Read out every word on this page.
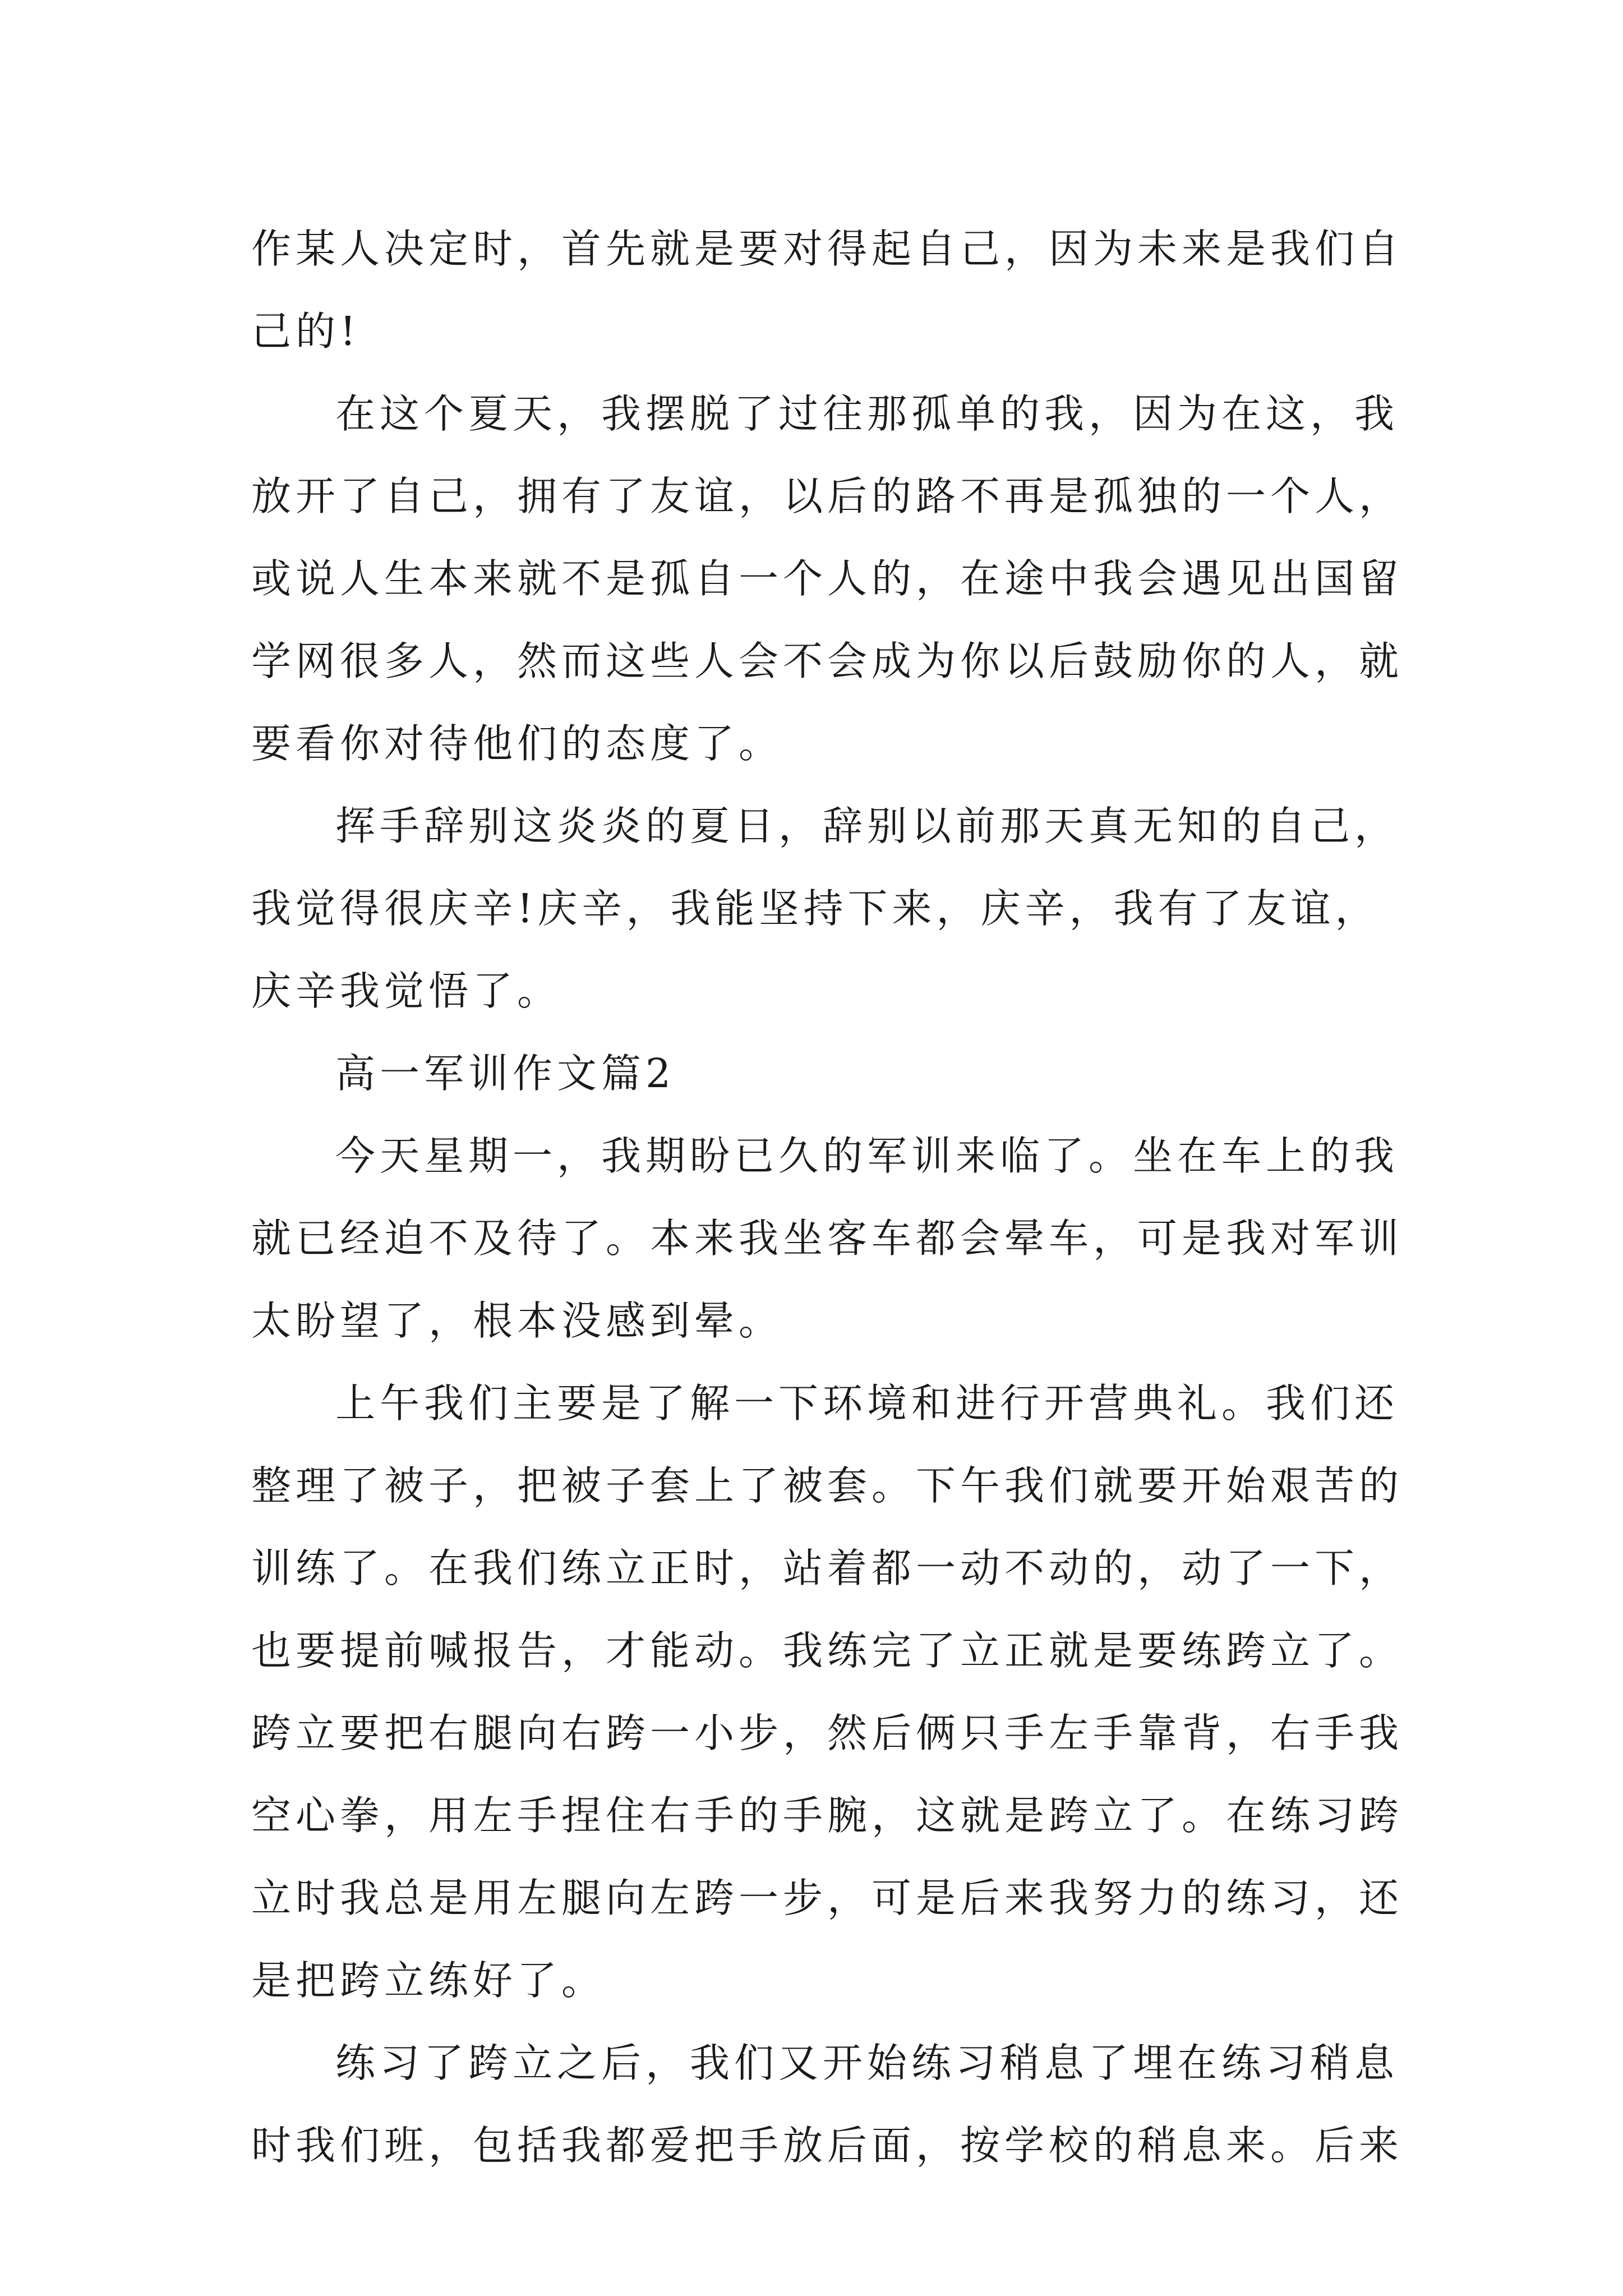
作某人决定时，首先就是要对得起自己，因为未来是我们自

己的!

在这个夏天，我摆脱了过往那孤单的我，因为在这，我

放开了自己，拥有了友谊，以后的路不再是孤独的一个人，

或说人生本来就不是孤自一个人的，在途中我会遇见出国留

学网很多人，然而这些人会不会成为你以后鼓励你的人，就

要看你对待他们的态度了。

挥手辞别这炎炎的夏日，辞别以前那天真无知的自己，

我觉得很庆辛!庆辛，我能坚持下来，庆辛，我有了友谊，

庆辛我觉悟了。

高一军训作文篇2

今天星期一，我期盼已久的军训来临了。坐在车上的我

就已经迫不及待了。本来我坐客车都会晕车，可是我对军训

太盼望了，根本没感到晕。

上午我们主要是了解一下环境和进行开营典礼。我们还

整理了被子，把被子套上了被套。下午我们就要开始艰苦的

训练了。在我们练立正时，站着都一动不动的，动了一下，

也要提前喊报告，才能动。我练完了立正就是要练跨立了。

跨立要把右腿向右跨一小步，然后俩只手左手靠背，右手我

空心拳，用左手捏住右手的手腕，这就是跨立了。在练习跨

立时我总是用左腿向左跨一步，可是后来我努力的练习，还

是把跨立练好了。

练习了跨立之后，我们又开始练习稍息了埋在练习稍息

时我们班，包括我都爱把手放后面，按学校的稍息来。后来
